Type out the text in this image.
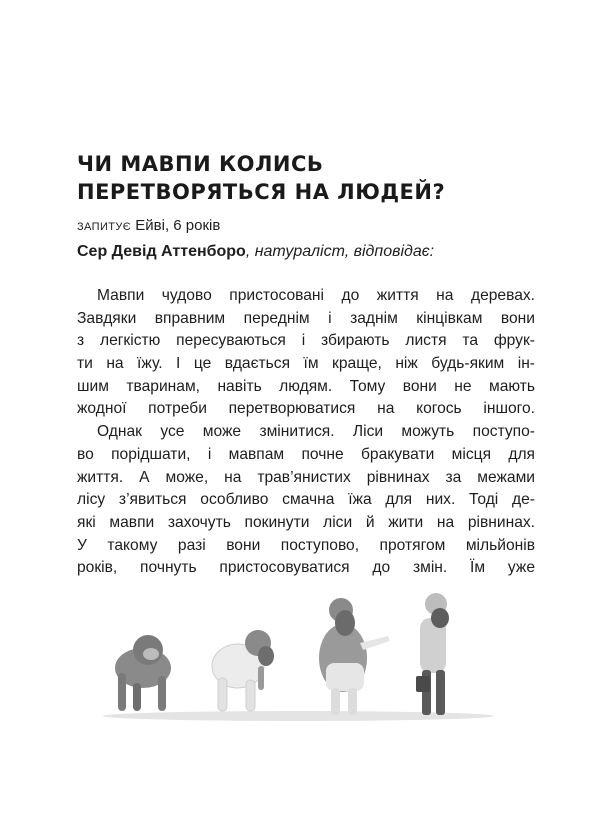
ЧИ МАВПИ КОЛИСЬ
ПЕРЕТВОРЯТЬСЯ НА ЛЮДЕЙ?
ЗАПИТУЄ Ейві, 6 років
Сер Девід Аттенборо, натураліст, відповідає:
Мавпи чудово пристосовані до життя на деревах.
Завдяки вправним переднім і заднім кінцівкам вони
з легкістю пересуваються і збирають листя та фрук-
ти на їжу. І це вдається їм краще, ніж будь-яким ін-
шим тваринам, навіть людям. Тому вони не мають
жодної потреби перетворюватися на когось іншого.
Однак усе може змінитися. Ліси можуть поступо-
во порідшати, і мавпам почне бракувати місця для
життя. А може, на трав’янистих рівнинах за межами
лісу з’явиться особливо смачна їжа для них. Тоді де-
які мавпи захочуть покинути ліси й жити на рівнинах.
У такому разі вони поступово, протягом мільйонів
років, почнуть пристосовуватися до змін. Їм уже
